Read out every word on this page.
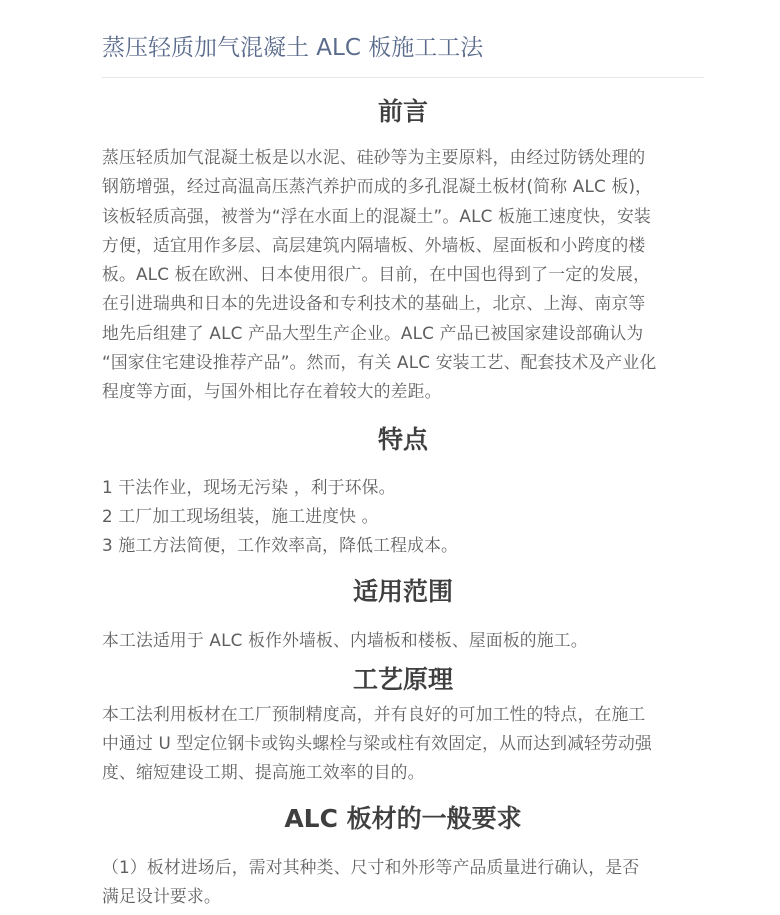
蒸压轻质加气混凝土 ALC 板施工工法
前言

蒸压轻质加气混凝土板是以水泥、硅砂等为主要原料，由经过防锈处理的
钢筋增强，经过高温高压蒸汽养护而成的多孔混凝土板材(简称 ALC 板)，
该板轻质高强，被誉为“浮在水面上的混凝土”。ALC 板施工速度快，安装
方便，适宜用作多层、高层建筑内隔墙板、外墙板、屋面板和小跨度的楼
板。ALC 板在欧洲、日本使用很广。目前，在中国也得到了一定的发展，
在引进瑞典和日本的先进设备和专利技术的基础上，北京、上海、南京等
地先后组建了 ALC 产品大型生产企业。ALC 产品已被国家建设部确认为
“国家住宅建设推荐产品”。然而，有关 ALC 安装工艺、配套技术及产业化
程度等方面，与国外相比存在着较大的差距。

特点
1 干法作业，现场无污染 ，利于环保。
2 工厂加工现场组装，施工进度快 。
3 施工方法简便，工作效率高，降低工程成本。
适用范围

本工法适用于 ALC 板作外墙板、内墙板和楼板、屋面板的施工。

工艺原理

本工法利用板材在工厂预制精度高，并有良好的可加工性的特点，在施工
中通过 U 型定位钢卡或钩头螺栓与梁或柱有效固定，从而达到减轻劳动强
度、缩短建设工期、提高施工效率的目的。

ALC 板材的一般要求

（1）板材进场后，需对其种类、尺寸和外形等产品质量进行确认，是否
满足设计要求。
